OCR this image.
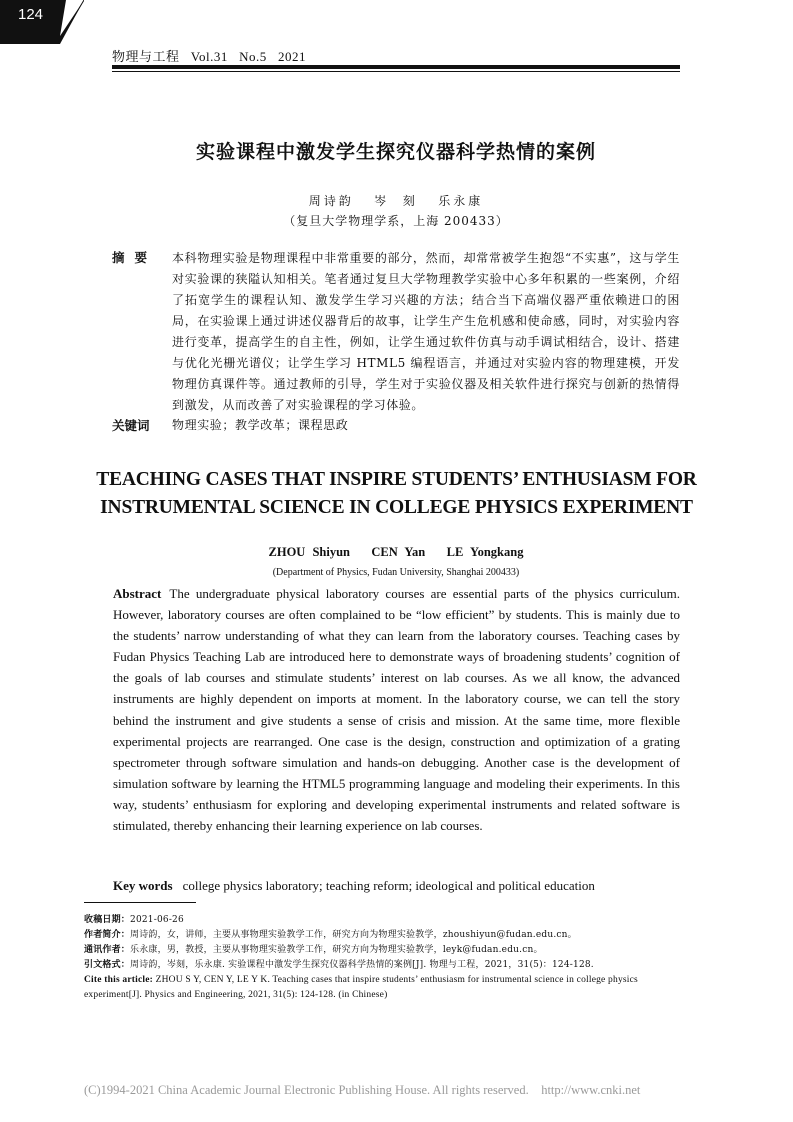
124
物理与工程   Vol.31   No.5   2021
实验课程中激发学生探究仪器科学热情的案例
周诗韵   岑  刻   乐永康
（复旦大学物理学系，上海 200433）
摘要 本科物理实验是物理课程中非常重要的部分，然而，却常常被学生抱怨“不实惠”，这与学生对实验课的狭隘认知相关。笔者通过复旦大学物理教学实验中心多年积累的一些案例，介绍了拓宽学生的课程认知、激发学生学习兴趣的方法；结合当下高端仪器严重依赖进口的困局，在实验课上通过讲述仪器背后的故事，让学生产生危机感和使命感，同时，对实验内容进行变革，提高学生的自主性，例如，让学生通过软件仿真与动手调试相结合，设计、搭建与优化光栅光谱仪；让学生学习 HTML5 编程语言，并通过对实验内容的物理建模，开发物理仿真课件等。通过教师的引导，学生对于实验仪器及相关软件进行探究与创新的热情得到激发，从而改善了对实验课程的学习体验。
关键词 物理实验；教学改革；课程思政
TEACHING CASES THAT INSPIRE STUDENTS’ ENTHUSIASM FOR
INSTRUMENTAL SCIENCE IN COLLEGE PHYSICS EXPERIMENT
ZHOU Shiyun   CEN Yan   LE Yongkang
(Department of Physics, Fudan University, Shanghai 200433)
Abstract The undergraduate physical laboratory courses are essential parts of the physics curriculum. However, laboratory courses are often complained to be “low efficient” by students. This is mainly due to the students’ narrow understanding of what they can learn from the laboratory courses. Teaching cases by Fudan Physics Teaching Lab are introduced here to demonstrate ways of broadening students’ cognition of the goals of lab courses and stimulate students’ interest on lab courses. As we all know, the advanced instruments are highly dependent on imports at moment. In the laboratory course, we can tell the story behind the instrument and give students a sense of crisis and mission. At the same time, more flexible experimental projects are rearranged. One case is the design, construction and optimization of a grating spectrometer through software simulation and hands-on debugging. Another case is the development of simulation software by learning the HTML5 programming language and modeling their experiments. In this way, students’ enthusiasm for exploring and developing experimental instruments and related software is stimulated, thereby enhancing their learning experience on lab courses.
Key words college physics laboratory; teaching reform; ideological and political education
收稿日期：2021-06-26
作者简介：周诗韵，女，讲师，主要从事物理实验教学工作，研究方向为物理实验教学，zhoushiyun@fudan.edu.cn。
通讯作者：乐永康，男，教授，主要从事物理实验教学工作，研究方向为物理实验教学，leyk@fudan.edu.cn。
引文格式：周诗韵，岑刻，乐永康. 实验课程中激发学生探究仪器科学热情的案例[J]. 物理与工程，2021，31(5)：124-128.
Cite this article: ZHOU S Y, CEN Y, LE Y K. Teaching cases that inspire students’ enthusiasm for instrumental science in college physics experiment[J]. Physics and Engineering, 2021, 31(5): 124-128. (in Chinese)
(C)1994-2021 China Academic Journal Electronic Publishing House. All rights reserved.    http://www.cnki.net
